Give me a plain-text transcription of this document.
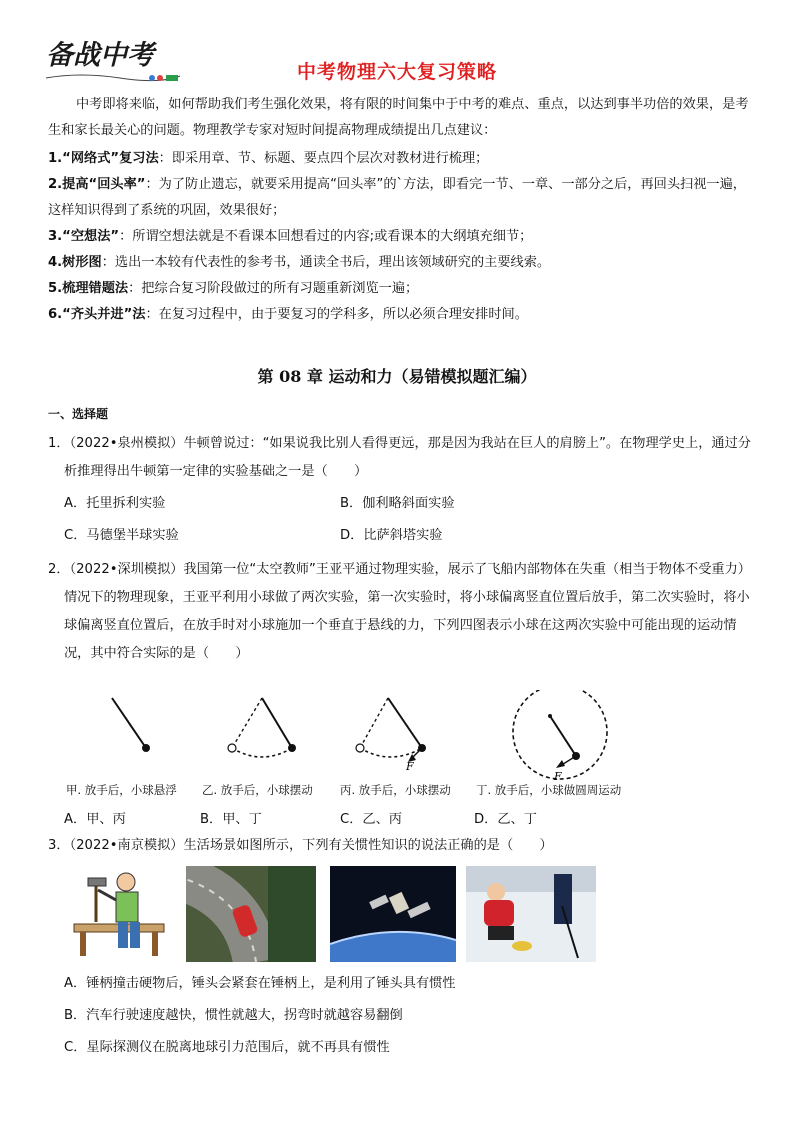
备战中考
中考物理六大复习策略
中考即将来临，如何帮助我们考生强化效果，将有限的时间集中于中考的难点、重点，以达到事半功倍的效果，是考生和家长最关心的问题。物理教学专家对短时间提高物理成绩提出几点建议：
1.“网络式”复习法：即采用章、节、标题、要点四个层次对教材进行梳理；
2.提高“回头率”：为了防止遗忘，就要采用提高“回头率”的`方法，即看完一节、一章、一部分之后，再回头扫视一遍，这样知识得到了系统的巩固，效果很好；
3.“空想法”：所谓空想法就是不看课本回想看过的内容;或看课本的大纲填充细节；
4.树形图：选出一本较有代表性的参考书，通读全书后，理出该领域研究的主要线索。
5.梳理错题法：把综合复习阶段做过的所有习题重新浏览一遍；
6.“齐头并进”法：在复习过程中，由于要复习的学科多，所以必须合理安排时间。
第 08 章 运动和力（易错模拟题汇编）
一、选择题
1．（2022•泉州模拟）牛顿曾说过：“如果说我比别人看得更远，那是因为我站在巨人的肩膀上”。在物理学史上，通过分析推理得出牛顿第一定律的实验基础之一是（　　）
A．托里拆利实验	B．伽利略斜面实验
C．马德堡半球实验	D．比萨斜塔实验
2．（2022•深圳模拟）我国第一位“太空教师”王亚平通过物理实验，展示了飞船内部物体在失重（相当于物体不受重力）情况下的物理现象，王亚平利用小球做了两次实验，第一次实验时，将小球偏离竖直位置后放手，第二次实验时，将小球偏离竖直位置后，在放手时对小球施加一个垂直于悬线的力，下列四图表示小球在这两次实验中可能出现的运动情况，其中符合实际的是（　　）
F
F
甲. 放手后，小球悬浮 乙. 放手后，小球摆动 丙. 放手后，小球摆动 丁. 放手后，小球做圆周运动
A．甲、丙	B．甲、丁	C．乙、丙	D．乙、丁
3．（2022•南京模拟）生活场景如图所示，下列有关惯性知识的说法正确的是（　　）
A．锤柄撞击硬物后，锤头会紧套在锤柄上，是利用了锤头具有惯性
B．汽车行驶速度越快，惯性就越大，拐弯时就越容易翻倒
C．星际探测仪在脱离地球引力范围后，就不再具有惯性
